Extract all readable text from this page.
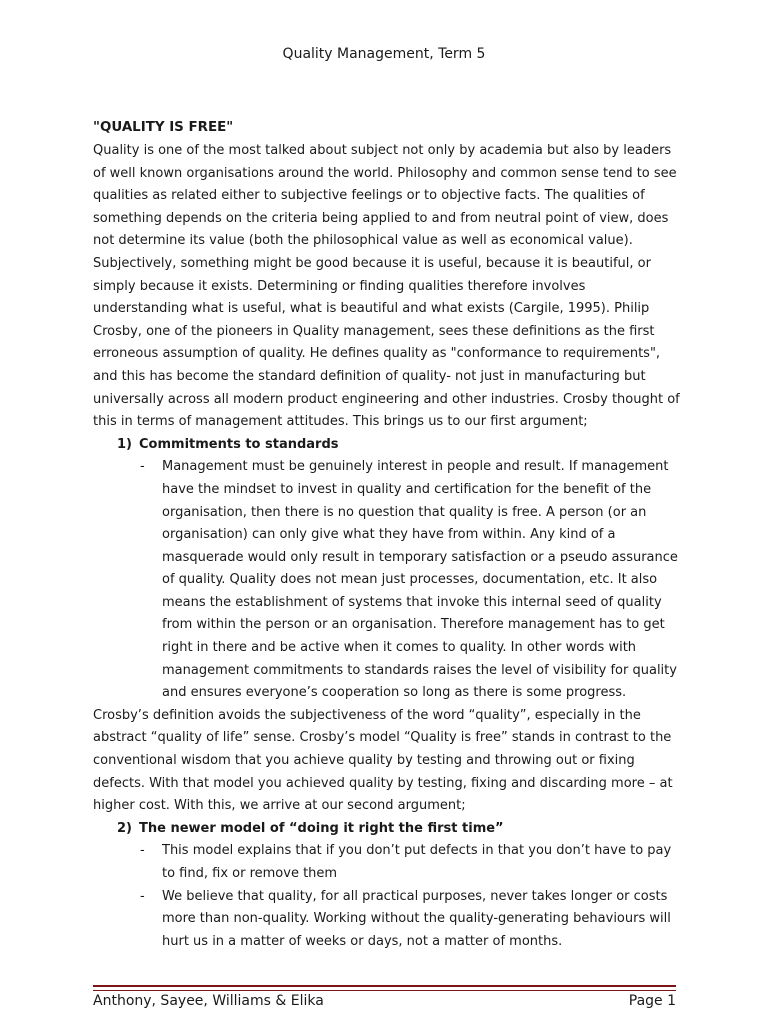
Quality Management, Term 5
"QUALITY IS FREE"

Quality is one of the most talked about subject not only by academia but also by leaders of well known organisations around the world. Philosophy and common sense tend to see qualities as related either to subjective feelings or to objective facts. The qualities of something depends on the criteria being applied to and from neutral point of view, does not determine its value (both the philosophical value as well as economical value). Subjectively, something might be good because it is useful, because it is beautiful, or simply because it exists. Determining or finding qualities therefore involves understanding what is useful, what is beautiful and what exists (Cargile, 1995). Philip Crosby, one of the pioneers in Quality management, sees these definitions as the first erroneous assumption of quality. He defines quality as "conformance to requirements", and this has become the standard definition of quality- not just in manufacturing but universally across all modern product engineering and other industries. Crosby thought of this in terms of management attitudes. This brings us to our first argument;

1) Commitments to standards

- Management must be genuinely interest in people and result. If management have the mindset to invest in quality and certification for the benefit of the organisation, then there is no question that quality is free. A person (or an organisation) can only give what they have from within. Any kind of a masquerade would only result in temporary satisfaction or a pseudo assurance of quality. Quality does not mean just processes, documentation, etc. It also means the establishment of systems that invoke this internal seed of quality from within the person or an organisation. Therefore management has to get right in there and be active when it comes to quality. In other words with management commitments to standards raises the level of visibility for quality and ensures everyone’s cooperation so long as there is some progress.

Crosby’s definition avoids the subjectiveness of the word “quality”, especially in the abstract “quality of life” sense. Crosby’s model “Quality is free” stands in contrast to the conventional wisdom that you achieve quality by testing and throwing out or fixing defects. With that model you achieved quality by testing, fixing and discarding more – at higher cost. With this, we arrive at our second argument;

2) The newer model of “doing it right the first time”

- This model explains that if you don’t put defects in that you don’t have to pay to find, fix or remove them

- We believe that quality, for all practical purposes, never takes longer or costs more than non-quality. Working without the quality-generating behaviours will hurt us in a matter of weeks or days, not a matter of months.

Anthony, Sayee, Williams & Elika	Page 1
